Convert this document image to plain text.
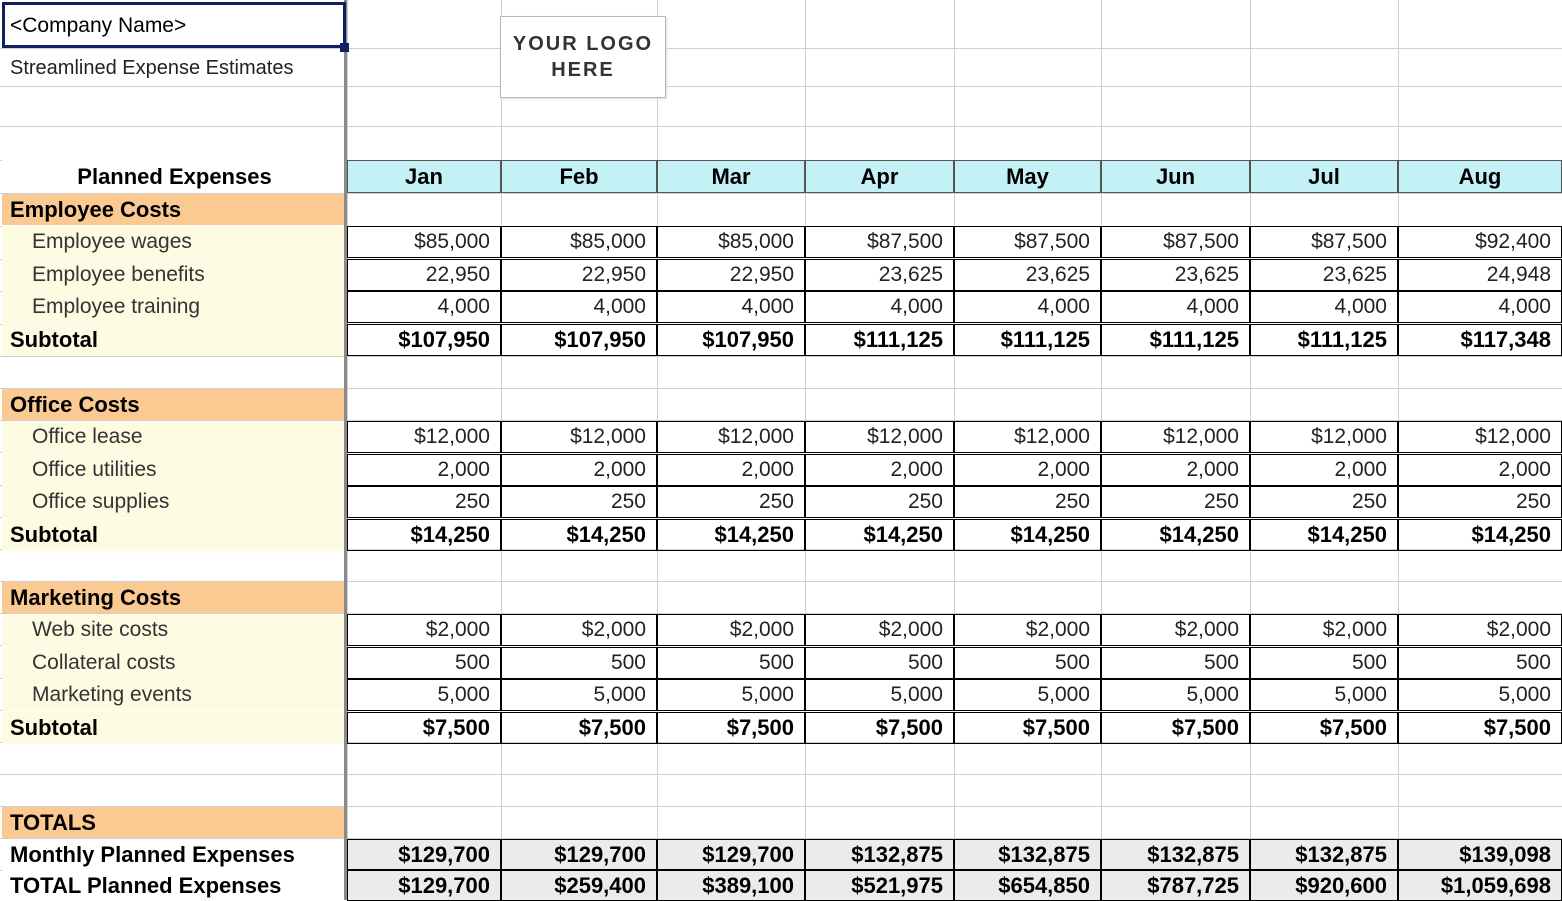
<Company Name>
Streamlined Expense Estimates
YOUR LOGO
HERE
Planned Expenses	Jan	Feb	Mar	Apr	May	Jun	Jul	Aug
Employee Costs
Employee wages	$85,000	$85,000	$85,000	$87,500	$87,500	$87,500	$87,500	$92,400
Employee benefits	22,950	22,950	22,950	23,625	23,625	23,625	23,625	24,948
Employee training	4,000	4,000	4,000	4,000	4,000	4,000	4,000	4,000
Subtotal	$107,950	$107,950	$107,950	$111,125	$111,125	$111,125	$111,125	$117,348
Office Costs
Office lease	$12,000	$12,000	$12,000	$12,000	$12,000	$12,000	$12,000	$12,000
Office utilities	2,000	2,000	2,000	2,000	2,000	2,000	2,000	2,000
Office supplies	250	250	250	250	250	250	250	250
Subtotal	$14,250	$14,250	$14,250	$14,250	$14,250	$14,250	$14,250	$14,250
Marketing Costs
Web site costs	$2,000	$2,000	$2,000	$2,000	$2,000	$2,000	$2,000	$2,000
Collateral costs	500	500	500	500	500	500	500	500
Marketing events	5,000	5,000	5,000	5,000	5,000	5,000	5,000	5,000
Subtotal	$7,500	$7,500	$7,500	$7,500	$7,500	$7,500	$7,500	$7,500
TOTALS
Monthly Planned Expenses	$129,700	$129,700	$129,700	$132,875	$132,875	$132,875	$132,875	$139,098
TOTAL Planned Expenses	$129,700	$259,400	$389,100	$521,975	$654,850	$787,725	$920,600	$1,059,698
